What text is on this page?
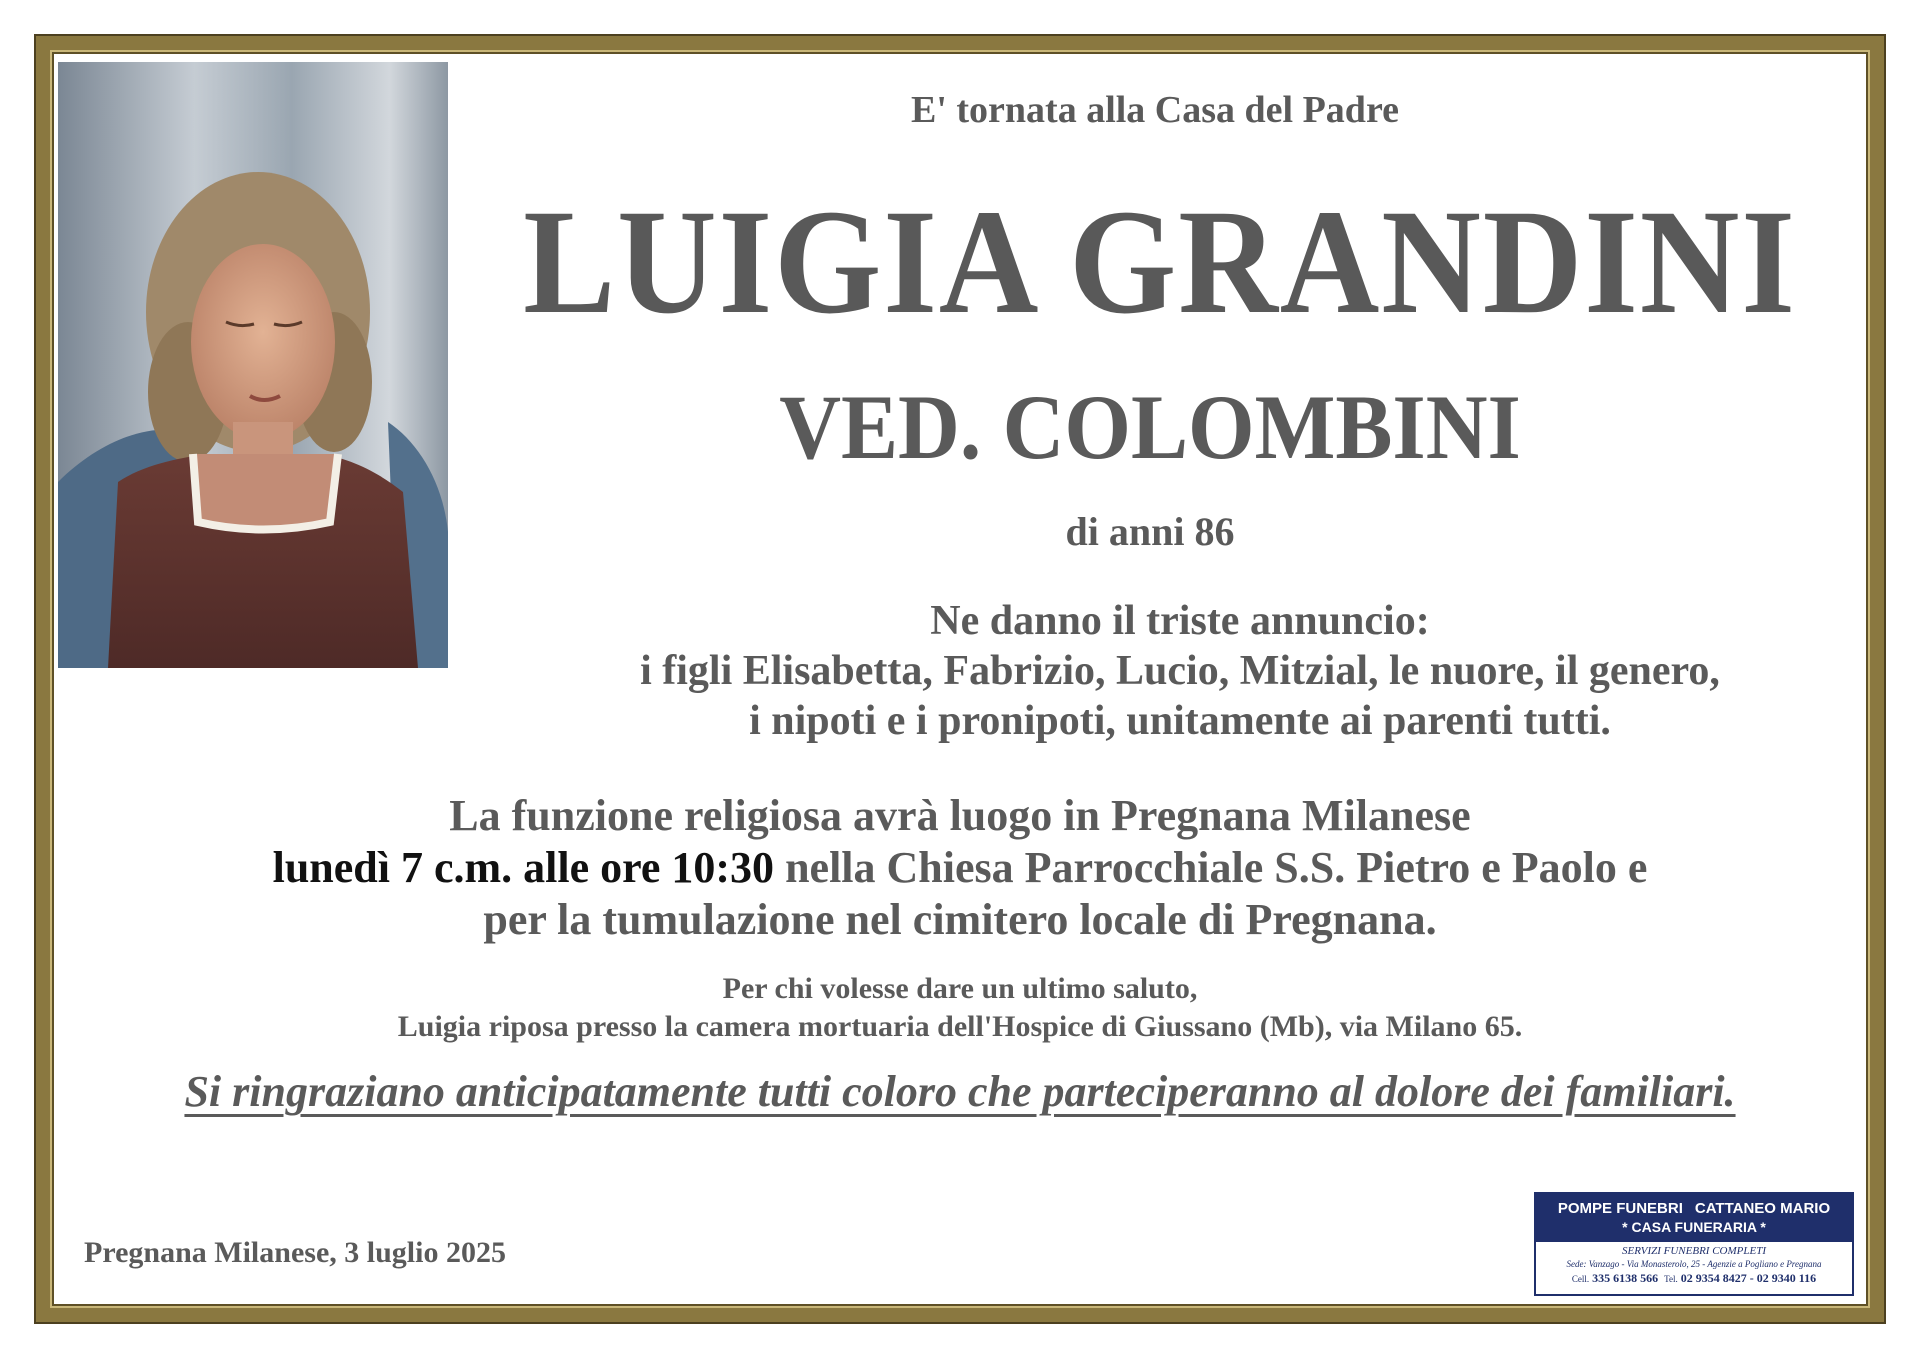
E' tornata alla Casa del Padre
LUIGIA GRANDINI
VED. COLOMBINI
di anni 86
Ne danno il triste annuncio:
i figli Elisabetta, Fabrizio, Lucio, Mitzial, le nuore, il genero,
i nipoti e i pronipoti, unitamente ai parenti tutti.
La funzione religiosa avrà luogo in Pregnana Milanese
lunedì 7 c.m. alle ore 10:30 nella Chiesa Parrocchiale S.S. Pietro e Paolo e
per la tumulazione nel cimitero locale di Pregnana.
Per chi volesse dare un ultimo saluto,
Luigia riposa presso la camera mortuaria dell'Hospice di Giussano (Mb), via Milano 65.
Si ringraziano anticipatamente tutti coloro che parteciperanno al dolore dei familiari.
Pregnana Milanese, 3 luglio 2025
POMPE FUNEBRI CATTANEO MARIO
* CASA FUNERARIA *
SERVIZI FUNEBRI COMPLETI
Sede: Vanzago - Via Monasterolo, 25 - Agenzie a Pogliano e Pregnana
Cell. 335 6138 566 Tel. 02 9354 8427 - 02 9340 116
